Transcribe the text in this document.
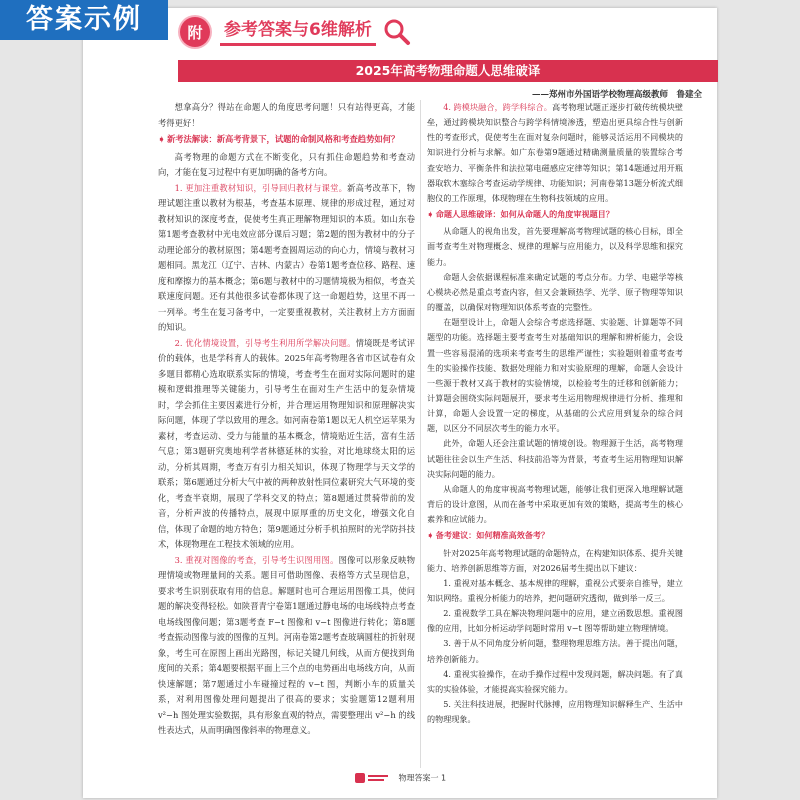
答案示例	附	参考答案与6维解析
2025年高考物理命题人思维破译
——郑州市外国语学校物理高级教师　鲁建全

想拿高分？得站在命题人的角度思考问题！只有站得更高，才能考得更好！

➧ 新考法解读：新高考背景下，试题的命制风格和考查趋势如何？

高考物理的命题方式在不断变化，只有抓住命题趋势和考查动向，才能在复习过程中有更加明确的备考方向。

1. 更加注重教材知识，引导回归教材与课堂。新高考改革下，物理试题注重以教材为根基，考查基本原理、规律的形成过程，通过对教材知识的深度考查，促使考生真正理解物理知识的本质。如山东卷第1题考查教材中光电效应部分课后习题；第2题的图为教材中的分子动理论部分的教材原图；第4题考查圆周运动的向心力，情境与教材习题相同。黑龙江（辽宁、吉林、内蒙古）卷第1题考查位移、路程、速度和摩擦力的基本概念；第6题与教材中的习题情境极为相似，考查关联速度问题。还有其他很多试卷都体现了这一命题趋势，这里不再一一列举。考生在复习备考中，一定要重视教材，关注教材上方方面面的知识。

2. 优化情境设置，引导考生利用所学解决问题。情境既是考试评价的载体，也是学科育人的载体。2025年高考物理各省市区试卷有众多题目都精心选取联系实际的情境，考查考生在面对实际问题时的建模和逻辑推理等关键能力，引导考生在面对生产生活中的复杂情境时，学会抓住主要因素进行分析，并合理运用物理知识和原理解决实际问题，体现了学以致用的理念。如河南卷第1题以无人机空运苹果为素材，考查运动、受力与能量的基本概念，情境贴近生活，富有生活气息；第3题研究奥地利学者林德延林的实验，对比地球绕太阳的运动，分析其周期，考查万有引力相关知识，体现了物理学与天文学的联系；第6题通过分析大气中被的两种放射性同位素研究大气环境的变化，考查半衰期，展现了学科交叉的特点；第8题通过贯骑带前的发音，分析声波的传播特点，展现中原厚重的历史文化，增强文化自信，体现了命题的地方特色；第9题通过分析手机拍照时的光学防抖技术，体现物理在工程技术领域的应用。

3. 重视对图像的考查，引导考生识图用图。图像可以形象反映物理情境或物理量间的关系。题目可借助图像、表格等方式呈现信息，要求考生识别获取有用的信息。解题时也可合理运用图像工具，使问题的解决变得轻松。如陕晋青宁卷第1题通过静电场的电场线特点考查电场线图像问题；第3题考查 F−t 图像和 v−t 图像进行转化；第8题考查振动图像与波的图像的互判。河南卷第2题考查玻璃圆柱的折射现象，考生可在原图上画出光路图，标记关键几何线，从而方便找到角度间的关系；第4题要根据平面上三个点的电势画出电场线方向，从而快速解题；第7题通过小车碰撞过程的 v−t 图，判断小车的质量关系，对利用图像处理问题提出了很高的要求；实验题第12题利用 v²−h 图处理实验数据，具有形象直观的特点，需要整理出 v²−h 的线性表达式，从而明确图像斜率的物理意义。

4. 跨模块融合，跨学科综合。高考物理试题正逐步打破传统模块壁垒，通过跨模块知识整合与跨学科情境渗透，塑造出更具综合性与创新性的考查形式，促使考生在面对复杂问题时，能够灵活运用不同模块的知识进行分析与求解。如广东卷第9题通过精确测量质量的装置综合考查安培力、平衡条件和法拉第电磁感应定律等知识；第14题通过用开瓶器取软木塞综合考查运动学规律、功能知识；河南卷第13题分析流式细胞仪的工作原理，体现物理在生物科技领域的应用。

➧ 命题人思维破译：如何从命题人的角度审视题目？

从命题人的视角出发，首先要理解高考物理试题的核心目标，即全面考查考生对物理概念、规律的理解与应用能力，以及科学思维和探究能力。

命题人会依据课程标准来确定试题的考点分布。力学、电磁学等核心模块必然是重点考查内容，但又会兼顾热学、光学、原子物理等知识的覆盖，以确保对物理知识体系考查的完整性。

在题型设计上，命题人会综合考虑选择题、实验题、计算题等不同题型的功能。选择题主要考查考生对基础知识的理解和辨析能力，会设置一些容易混淆的选项来考查考生的思维严谨性；实验题则着重考查考生的实验操作技能、数据处理能力和对实验原理的理解，命题人会设计一些源于教材又高于教材的实验情境，以检验考生的迁移和创新能力；计算题会围绕实际问题展开，要求考生运用物理规律进行分析、推理和计算，命题人会设置一定的梯度，从基础的公式应用到复杂的综合问题，以区分不同层次考生的能力水平。

此外，命题人还会注重试题的情境创设。物理源于生活，高考物理试题往往会以生产生活、科技前沿等为背景，考查考生运用物理知识解决实际问题的能力。

从命题人的角度审视高考物理试题，能够让我们更深入地理解试题背后的设计意图，从而在备考中采取更加有效的策略，提高考生的核心素养和应试能力。

➧ 备考建议：如何精准高效备考？

针对2025年高考物理试题的命题特点，在构建知识体系、提升关键能力、培养创新思维等方面，对2026届考生提出以下建议：

1. 重视对基本概念、基本规律的理解，重视公式要亲自推导，建立知识网络。重视分析能力的培养，把问题研究透彻，做到举一反三。

2. 重视数学工具在解决物理问题中的应用，建立函数思想。重视图像的应用，比如分析运动学问题时常用 v−t 图等帮助建立物理情境。

3. 善于从不同角度分析问题，整理物理思维方法。善于提出问题，培养创新能力。

4. 重视实验操作，在动手操作过程中发现问题，解决问题。有了真实的实验体验，才能提高实验探究能力。

5. 关注科技进展，把握时代脉搏，应用物理知识解释生产、生活中的物理现象。

物理答案一 1
